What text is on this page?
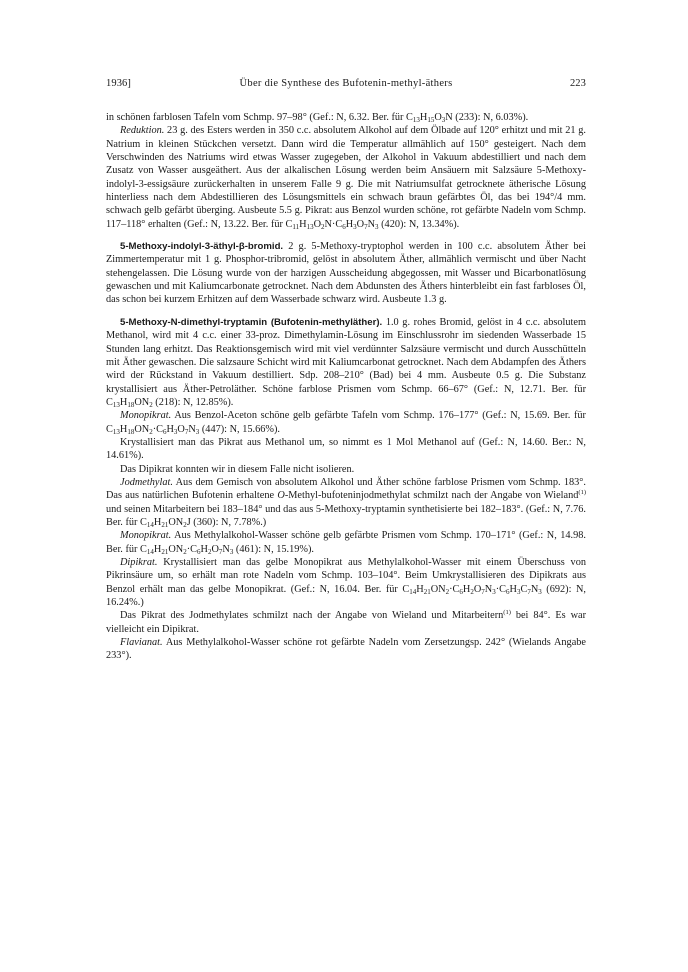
1936]	Über die Synthese des Bufotenin-methyl-äthers	223

in schönen farblosen Tafeln vom Schmp. 97–98° (Gef.: N, 6.32. Ber. für $C_{13}H_{15}O_3N$ (233): N, 6.03%).

Reduktion. 23 g. des Esters werden in 350 c.c. absolutem Alkohol auf dem Ölbade auf 120° erhitzt und mit 21 g. Natrium in kleinen Stückchen versetzt. Dann wird die Temperatur allmählich auf 150° gesteigert. Nach dem Verschwinden des Natriums wird etwas Wasser zugegeben, der Alkohol in Vakuum abdestilliert und nach dem Zusatz von Wasser ausgeäthert. Aus der alkalischen Lösung werden beim Ansäuern mit Salzsäure 5-Methoxy-indolyl-3-essigsäure zurückerhalten in unserem Falle 9 g. Die mit Natriumsulfat getrocknete ätherische Lösung hinterliess nach dem Abdestillieren des Lösungsmittels ein schwach braun gefärbtes Öl, das bei 194°/4 mm. schwach gelb gefärbt überging. Ausbeute 5.5 g. Pikrat: aus Benzol wurden schöne, rot gefärbte Nadeln vom Schmp. 117–118° erhalten (Gef.: N, 13.22. Ber. für $C_{11}H_{13}O_2N\cdot C_6H_3O_7N_3$ (420): N, 13.34%).

5-Methoxy-indolyl-3-äthyl-β-bromid. 2 g. 5-Methoxy-tryptophol werden in 100 c.c. absolutem Äther bei Zimmertemperatur mit 1 g. Phosphor-tribromid, gelöst in absolutem Äther, allmählich vermischt und über Nacht stehengelassen. Die Lösung wurde von der harzigen Ausscheidung abgegossen, mit Wasser und Bicarbonatlösung gewaschen und mit Kaliumcarbonate getrocknet. Nach dem Abdunsten des Äthers hinterbleibt ein fast farbloses Öl, das schon bei kurzem Erhitzen auf dem Wasserbade schwarz wird. Ausbeute 1.3 g.

5-Methoxy-N-dimethyl-tryptamin (Bufotenin-methyläther). 1.0 g. rohes Bromid, gelöst in 4 c.c. absolutem Methanol, wird mit 4 c.c. einer 33-proz. Dimethylamin-Lösung im Einschlussrohr im siedenden Wasserbade 15 Stunden lang erhitzt. Das Reaktionsgemisch wird mit viel verdünnter Salzsäure vermischt und durch Ausschütteln mit Äther gewaschen. Die salzsaure Schicht wird mit Kaliumcarbonat getrocknet. Nach dem Abdampfen des Äthers wird der Rückstand in Vakuum destilliert. Sdp. 208–210° (Bad) bei 4 mm. Ausbeute 0.5 g. Die Substanz krystallisiert aus Äther-Petroläther. Schöne farblose Prismen vom Schmp. 66–67° (Gef.: N, 12.71. Ber. für $C_{13}H_{18}ON_2$ (218): N, 12.85%).

Monopikrat. Aus Benzol-Aceton schöne gelb gefärbte Tafeln vom Schmp. 176–177° (Gef.: N, 15.69. Ber. für $C_{13}H_{18}ON_2\cdot C_6H_3O_7N_3$ (447): N, 15.66%).

Krystallisiert man das Pikrat aus Methanol um, so nimmt es 1 Mol Methanol auf (Gef.: N, 14.60. Ber.: N, 14.61%).

Das Dipikrat konnten wir in diesem Falle nicht isolieren.

Jodmethylat. Aus dem Gemisch von absolutem Alkohol und Äther schöne farblose Prismen vom Schmp. 183°. Das aus natürlichen Bufotenin erhaltene O-Methyl-bufoteninjodmethylat schmilzt nach der Angabe von Wieland$^{(1)}$ und seinen Mitarbeitern bei 183–184° und das aus 5-Methoxy-tryptamin synthetisierte bei 182–183°. (Gef.: N, 7.76. Ber. für $C_{14}H_{21}ON_2J$ (360): N, 7.78%.)

Monopikrat. Aus Methylalkohol-Wasser schöne gelb gefärbte Prismen vom Schmp. 170–171° (Gef.: N, 14.98. Ber. für $C_{14}H_{21}ON_2\cdot C_6H_2O_7N_3$ (461): N, 15.19%).

Dipikrat. Krystallisiert man das gelbe Monopikrat aus Methylalkohol-Wasser mit einem Überschuss von Pikrinsäure um, so erhält man rote Nadeln vom Schmp. 103–104°. Beim Umkrystallisieren des Dipikrats aus Benzol erhält man das gelbe Monopikrat. (Gef.: N, 16.04. Ber. für $C_{14}H_{21}ON_2\cdot C_6H_2O_7N_3\cdot C_6H_3C_7N_3$ (692): N, 16.24%.)

Das Pikrat des Jodmethylates schmilzt nach der Angabe von Wieland und Mitarbeitern$^{(1)}$ bei 84°. Es war vielleicht ein Dipikrat.

Flavianat. Aus Methylalkohol-Wasser schöne rot gefärbte Nadeln vom Zersetzungsp. 242° (Wielands Angabe 233°).
